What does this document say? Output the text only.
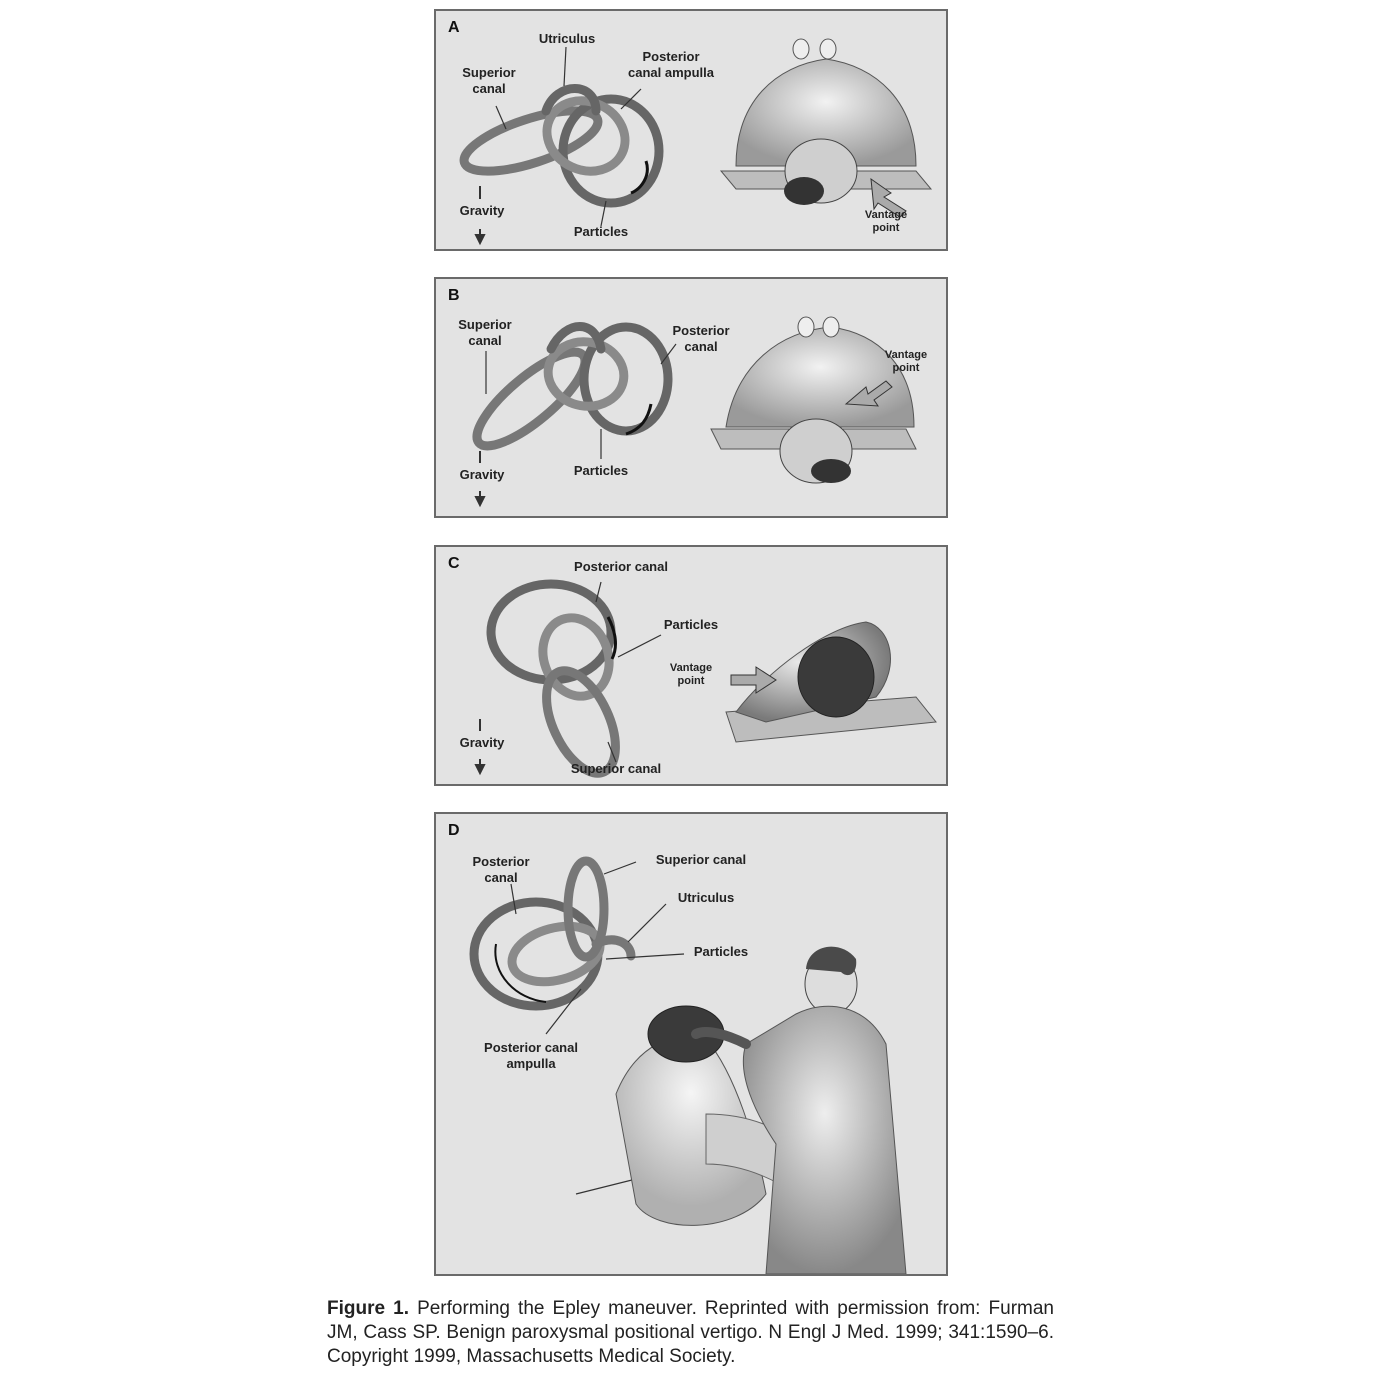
A
Utriculus
Superior
canal
Posterior
canal ampulla
Gravity
Particles
Vantage
point
B
Superior
canal
Posterior
canal
Vantage
point
Gravity	Particles
C	Posterior canal
Particles
Vantage
point
Gravity
Superior canal
D
Posterior
canal
Superior canal
Utriculus
Particles
Posterior canal
ampulla
Figure 1. Performing the Epley maneuver. Reprinted with permission from: Furman JM, Cass SP. Benign paroxysmal positional vertigo. N Engl J Med. 1999; 341:1590–6. Copyright 1999, Massachusetts Medical Society.
